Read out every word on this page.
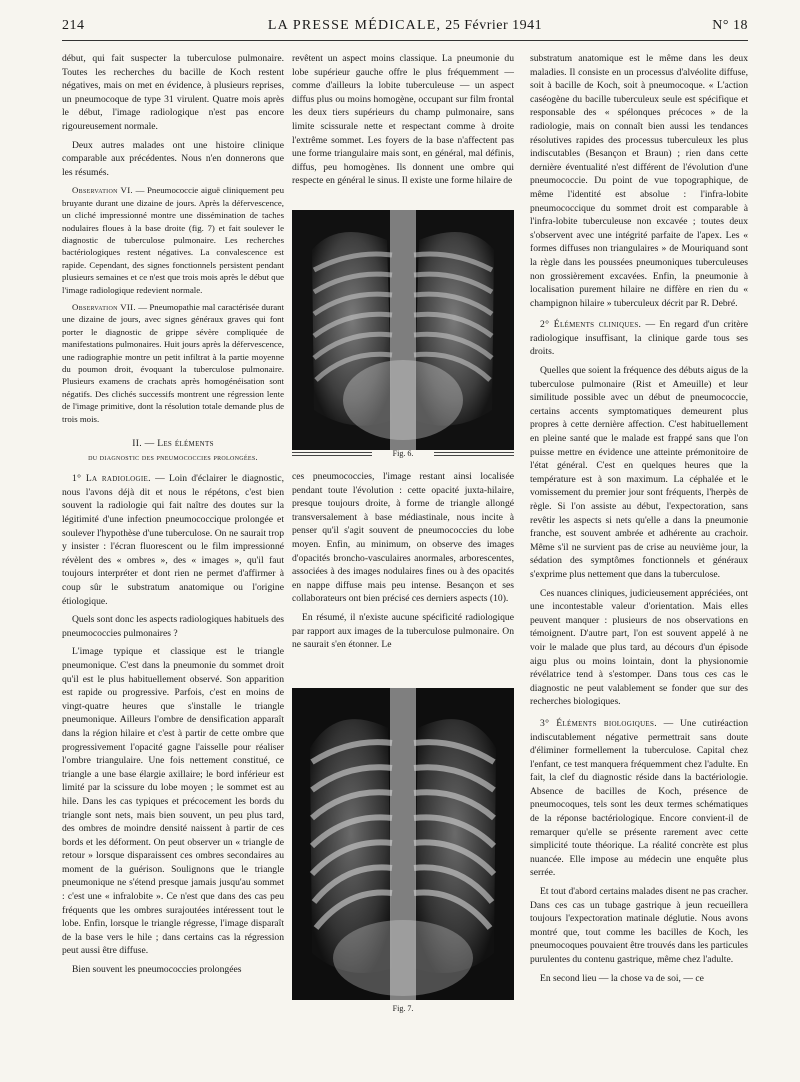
214	LA PRESSE MÉDICALE, 25 Février 1941	N° 18

début, qui fait suspecter la tuberculose pulmonaire. Toutes les recherches du bacille de Koch restent négatives, mais on met en évidence, à plusieurs reprises, un pneumocoque de type 31 virulent. Quatre mois après le début, l'image radiologique n'est pas encore rigoureusement normale.

Deux autres malades ont une histoire clinique comparable aux précédentes. Nous n'en donnerons que les résumés.

Observation VI. — Pneumococcie aiguë cliniquement peu bruyante durant une dizaine de jours. Après la défervescence, un cliché impressionné montre une dissémination de taches nodulaires floues à la base droite (fig. 7) et fait soulever le diagnostic de tuberculose pulmonaire. Les recherches bactériologiques restent négatives. La convalescence est rapide. Cependant, des signes fonctionnels persistent pendant plusieurs semaines et ce n'est que trois mois après le début que l'image radiologique redevient normale.

Observation VII. — Pneumopathie mal caractérisée durant une dizaine de jours, avec signes généraux graves qui font porter le diagnostic de grippe sévère compliquée de manifestations pulmonaires. Huit jours après la défervescence, une radiographie montre un petit infiltrat à la partie moyenne du poumon droit, évoquant la tuberculose pulmonaire. Plusieurs examens de crachats après homogénéisation sont négatifs. Des clichés successifs montrent une régression lente de l'image primitive, dont la résolution totale demande plus de trois mois.

II. — Les éléments

du diagnostic des pneumococcies prolongées.

1° La radiologie. — Loin d'éclairer le diagnostic, nous l'avons déjà dit et nous le répétons, c'est bien souvent la radiologie qui fait naître des doutes sur la légitimité d'une infection pneumococcique prolongée et soulever l'hypothèse d'une tuberculose. On ne saurait trop y insister : l'écran fluorescent ou le film impressionné révèlent des « ombres », des « images », qu'il faut toujours interpréter et dont rien ne permet d'affirmer à coup sûr le substratum anatomique ou l'origine étiologique.

Quels sont donc les aspects radiologiques habituels des pneumococcies pulmonaires ?

L'image typique et classique est le triangle pneumonique. C'est dans la pneumonie du sommet droit qu'il est le plus habituellement observé. Son apparition est rapide ou progressive. Parfois, c'est en moins de vingt-quatre heures que s'installe le triangle pneumonique. Ailleurs l'ombre de densification apparaît dans la région hilaire et c'est à partir de cette ombre que progressivement l'opacité gagne l'aisselle pour réaliser l'ombre triangulaire. Une fois nettement constitué, ce triangle a une base élargie axillaire; le bord inférieur est limité par la scissure du lobe moyen ; le sommet est au hile. Dans les cas typiques et précocement les bords du triangle sont nets, mais bien souvent, un peu plus tard, des ombres de moindre densité naissent à partir de ces bords et les déforment. On peut observer un « triangle de retour » lorsque disparaissent ces ombres secondaires au moment de la guérison. Soulignons que le triangle pneumonique ne s'étend presque jamais jusqu'au sommet : c'est une « infralobite ». Ce n'est que dans des cas peu fréquents que les ombres surajoutées intéressent tout le lobe. Enfin, lorsque le triangle régresse, l'image disparaît de la base vers le hile ; dans certains cas la régression peut aussi être diffuse.

Bien souvent les pneumococcies prolongées

revêtent un aspect moins classique. La pneumonie du lobe supérieur gauche offre le plus fréquemment — comme d'ailleurs la lobite tuberculeuse — un aspect diffus plus ou moins homogène, occupant sur film frontal les deux tiers supérieurs du champ pulmonaire, sans limite scissurale nette et respectant comme à droite l'extrême sommet. Les foyers de la base n'affectent pas une forme triangulaire mais sont, en général, mal définis, diffus, peu homogènes. Ils donnent une ombre qui respecte en général le sinus. Il existe une forme hilaire de

Fig. 6.

ces pneumococcies, l'image restant ainsi localisée pendant toute l'évolution : cette opacité juxta-hilaire, presque toujours droite, à forme de triangle allongé transversalement à base médiastinale, nous incite à penser qu'il s'agit souvent de pneumococcies du lobe moyen. Enfin, au minimum, on observe des images d'opacités broncho-vasculaires anormales, arborescentes, associées à des images nodulaires fines ou à des opacités en nappe diffuse mais peu intense. Besançon et ses collaborateurs ont bien précisé ces derniers aspects (10).

En résumé, il n'existe aucune spécificité radiologique par rapport aux images de la tuberculose pulmonaire. On ne saurait s'en étonner. Le

Fig. 7.

substratum anatomique est le même dans les deux maladies. Il consiste en un processus d'alvéolite diffuse, soit à bacille de Koch, soit à pneumocoque. « L'action caséogène du bacille tuberculeux seule est spécifique et responsable des « spélonques précoces » de la radiologie, mais on connaît bien aussi les tendances résolutives rapides des processus tuberculeux les plus indiscutables (Besançon et Braun) ; rien dans cette dernière éventualité n'est différent de l'évolution d'une pneumococcie. Du point de vue topographique, de même l'identité est absolue : l'infra-lobite pneumococcique du sommet droit est comparable à l'infra-lobite tuberculeuse non excavée ; toutes deux s'observent avec une intégrité parfaite de l'apex. Les « formes diffuses non triangulaires » de Mouriquand sont la règle dans les poussées pneumoniques tuberculeuses non grossièrement excavées. Enfin, la pneumonie à localisation purement hilaire ne diffère en rien du « champignon hilaire » tuberculeux décrit par R. Debré.

2° Éléments cliniques. — En regard d'un critère radiologique insuffisant, la clinique garde tous ses droits.

Quelles que soient la fréquence des débuts aigus de la tuberculose pulmonaire (Rist et Ameuille) et leur similitude possible avec un début de pneumococcie, certains accents symptomatiques demeurent plus propres à cette dernière affection. C'est habituellement en pleine santé que le malade est frappé sans que l'on puisse mettre en évidence une atteinte prémonitoire de l'état général. C'est en quelques heures que la température est à son maximum. La céphalée et le vomissement du premier jour sont fréquents, l'herpès de règle. Si l'on assiste au début, l'expectoration, sans revêtir les aspects si nets qu'elle a dans la pneumonie franche, est souvent ambrée et adhérente au crachoir. Même s'il ne survient pas de crise au neuvième jour, la sédation des symptômes fonctionnels et généraux s'exprime plus nettement que dans la tuberculose.

Ces nuances cliniques, judicieusement appréciées, ont une incontestable valeur d'orientation. Mais elles peuvent manquer : plusieurs de nos observations en témoignent. D'autre part, l'on est souvent appelé à ne voir le malade que plus tard, au décours d'un épisode aigu plus ou moins lointain, dont la physionomie révélatrice tend à s'estomper. Dans tous ces cas le diagnostic ne peut valablement se fonder que sur des recherches biologiques.

3° Éléments biologiques. — Une cutiréaction indiscutablement négative permettrait sans doute d'éliminer formellement la tuberculose. Capital chez l'enfant, ce test manquera fréquemment chez l'adulte. En fait, la clef du diagnostic réside dans la bactériologie. Absence de bacilles de Koch, présence de pneumocoques, tels sont les deux termes schématiques de la réponse bactériologique. Encore convient-il de remarquer qu'elle se présente rarement avec cette simplicité toute théorique. La réalité concrète est plus nuancée. Elle impose au médecin une enquête plus serrée.

Et tout d'abord certains malades disent ne pas cracher. Dans ces cas un tubage gastrique à jeun recueillera toujours l'expectoration matinale déglutie. Nous avons montré que, tout comme les bacilles de Koch, les pneumocoques pouvaient être trouvés dans les particules purulentes du contenu gastrique, même chez l'adulte.

En second lieu — la chose va de soi, — ce
